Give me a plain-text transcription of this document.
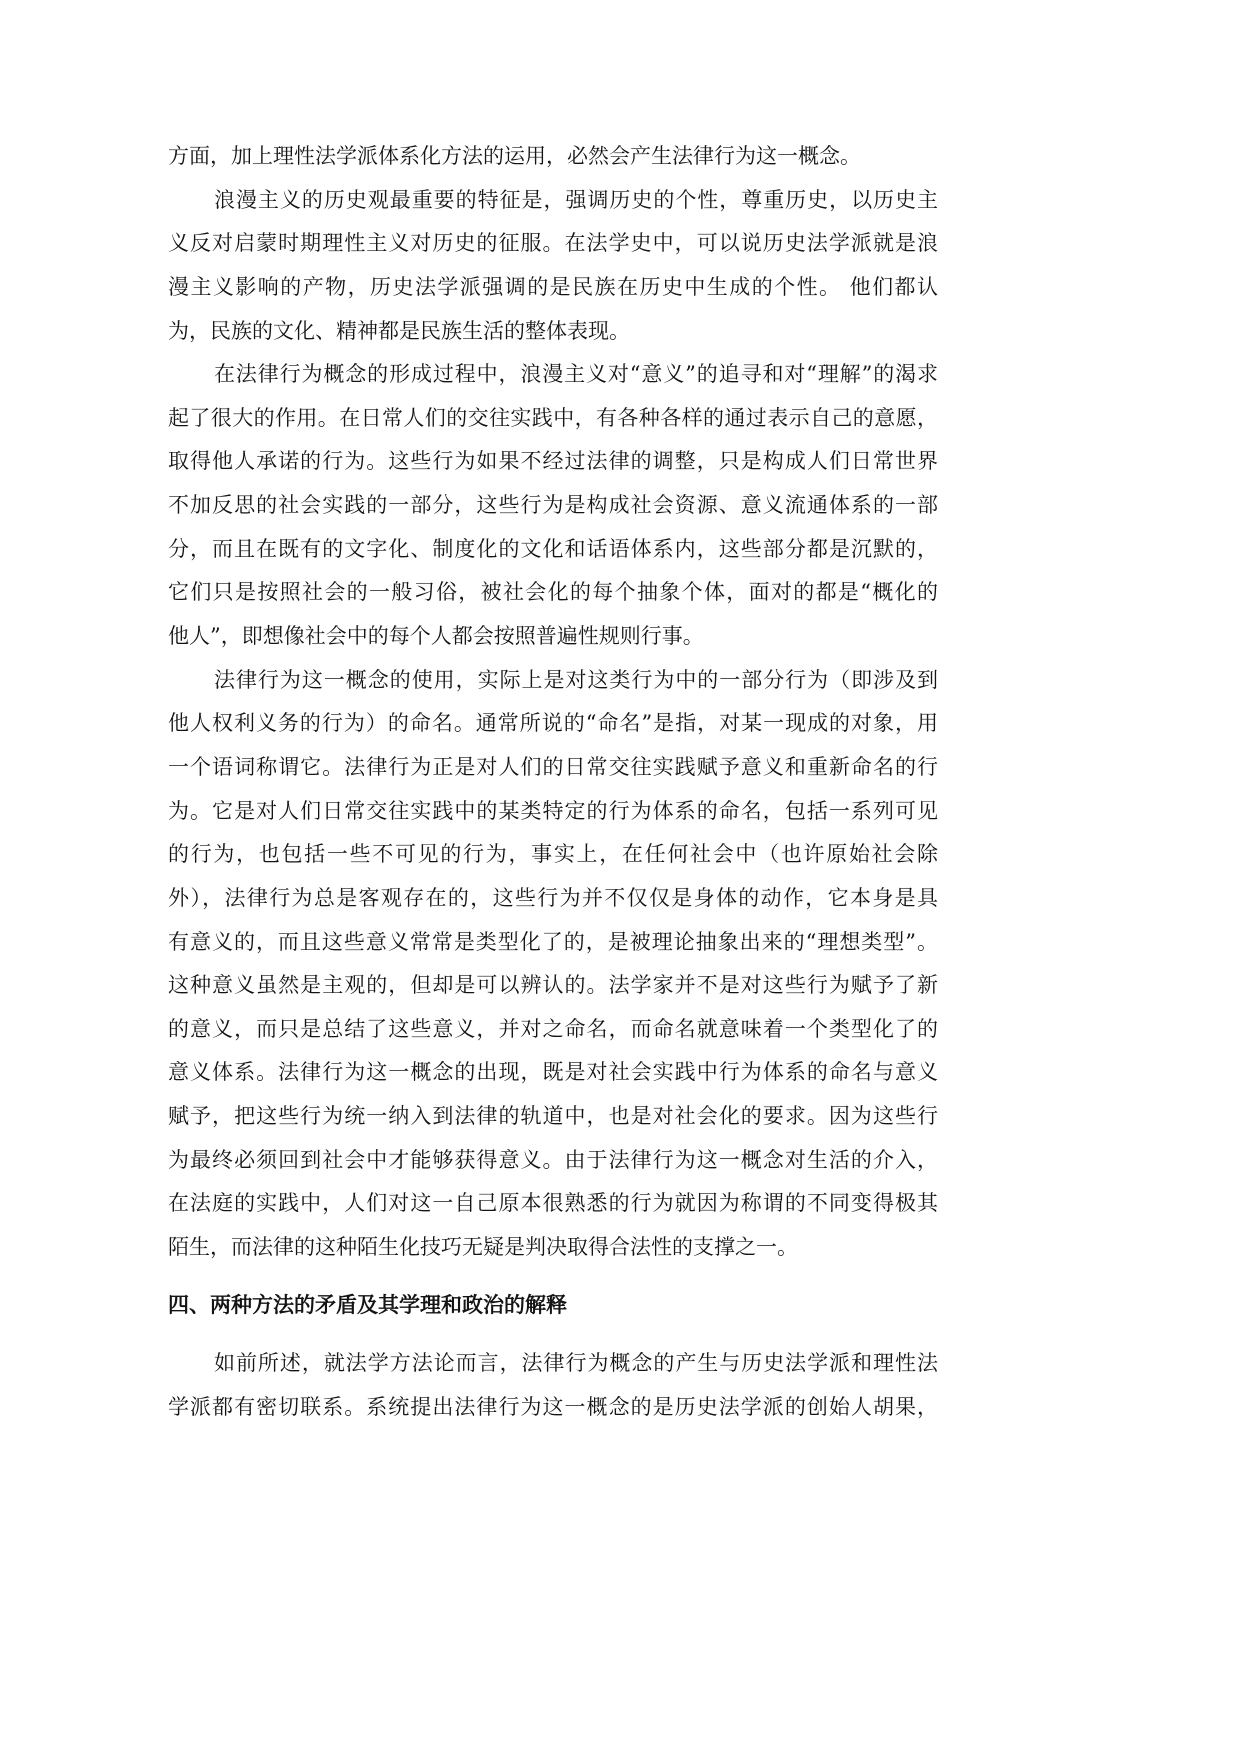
方面，加上理性法学派体系化方法的运用，必然会产生法律行为这一概念。
浪漫主义的历史观最重要的特征是，强调历史的个性，尊重历史，以历史主
义反对启蒙时期理性主义对历史的征服。在法学史中，可以说历史法学派就是浪
漫主义影响的产物，历史法学派强调的是民族在历史中生成的个性。 他们都认
为，民族的文化、精神都是民族生活的整体表现。
在法律行为概念的形成过程中，浪漫主义对“意义”的追寻和对“理解”的渴求
起了很大的作用。在日常人们的交往实践中，有各种各样的通过表示自己的意愿，
取得他人承诺的行为。这些行为如果不经过法律的调整，只是构成人们日常世界
不加反思的社会实践的一部分，这些行为是构成社会资源、意义流通体系的一部
分，而且在既有的文字化、制度化的文化和话语体系内，这些部分都是沉默的，
它们只是按照社会的一般习俗，被社会化的每个抽象个体，面对的都是“概化的
他人”，即想像社会中的每个人都会按照普遍性规则行事。
法律行为这一概念的使用，实际上是对这类行为中的一部分行为（即涉及到
他人权利义务的行为）的命名。通常所说的“命名”是指，对某一现成的对象，用
一个语词称谓它。法律行为正是对人们的日常交往实践赋予意义和重新命名的行
为。它是对人们日常交往实践中的某类特定的行为体系的命名，包括一系列可见
的行为，也包括一些不可见的行为，事实上，在任何社会中（也许原始社会除
外），法律行为总是客观存在的，这些行为并不仅仅是身体的动作，它本身是具
有意义的，而且这些意义常常是类型化了的，是被理论抽象出来的“理想类型”。
这种意义虽然是主观的，但却是可以辨认的。法学家并不是对这些行为赋予了新
的意义，而只是总结了这些意义，并对之命名，而命名就意味着一个类型化了的
意义体系。法律行为这一概念的出现，既是对社会实践中行为体系的命名与意义
赋予，把这些行为统一纳入到法律的轨道中，也是对社会化的要求。因为这些行
为最终必须回到社会中才能够获得意义。由于法律行为这一概念对生活的介入，
在法庭的实践中，人们对这一自己原本很熟悉的行为就因为称谓的不同变得极其
陌生，而法律的这种陌生化技巧无疑是判决取得合法性的支撑之一。
四、两种方法的矛盾及其学理和政治的解释
如前所述，就法学方法论而言，法律行为概念的产生与历史法学派和理性法
学派都有密切联系。系统提出法律行为这一概念的是历史法学派的创始人胡果，
